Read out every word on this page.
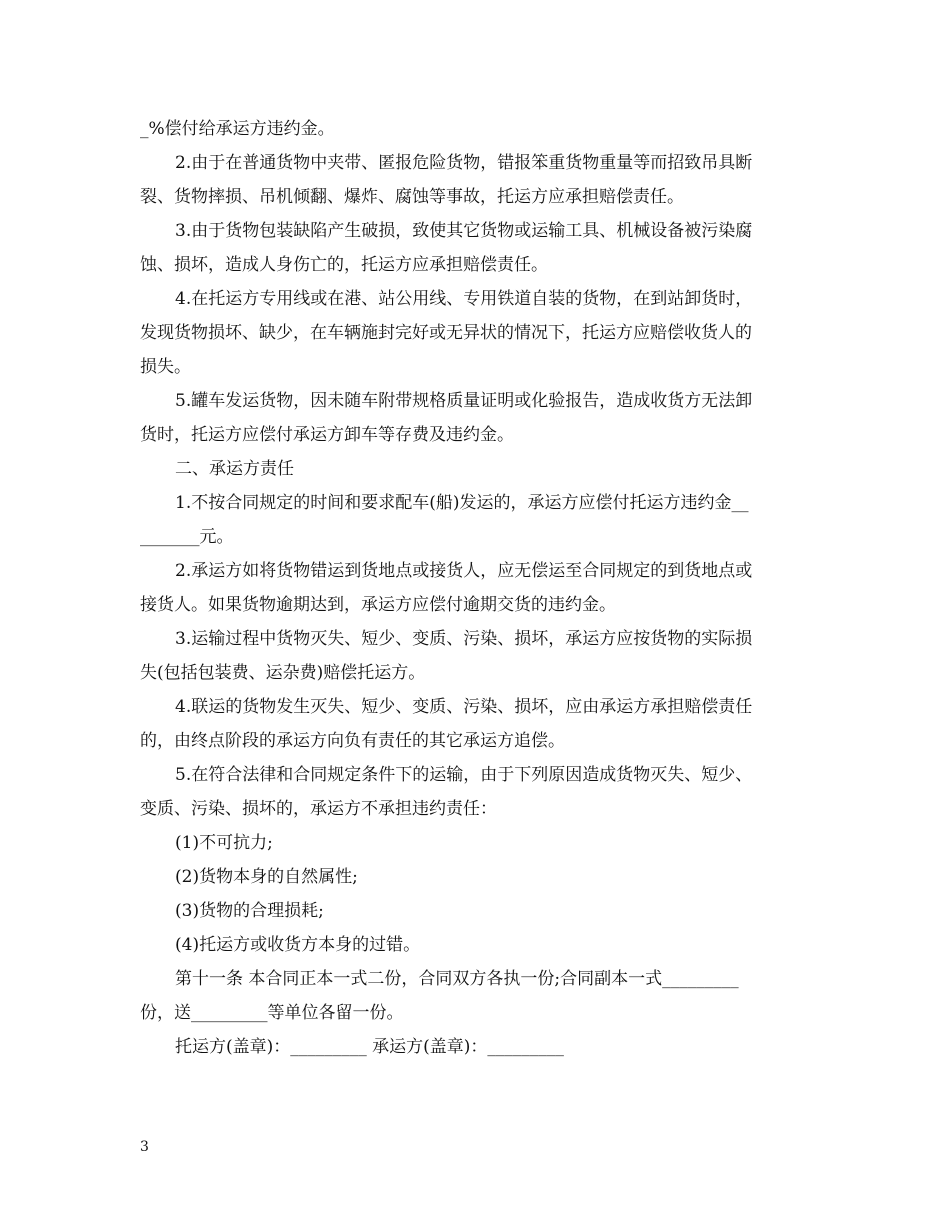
_%偿付给承运方违约金。
2.由于在普通货物中夹带、匿报危险货物，错报笨重货物重量等而招致吊具断
裂、货物摔损、吊机倾翻、爆炸、腐蚀等事故，托运方应承担赔偿责任。
3.由于货物包装缺陷产生破损，致使其它货物或运输工具、机械设备被污染腐
蚀、损坏，造成人身伤亡的，托运方应承担赔偿责任。
4.在托运方专用线或在港、站公用线、专用铁道自装的货物，在到站卸货时，
发现货物损坏、缺少，在车辆施封完好或无异状的情况下，托运方应赔偿收货人的
损失。
5.罐车发运货物，因未随车附带规格质量证明或化验报告，造成收货方无法卸
货时，托运方应偿付承运方卸车等存费及违约金。
二、承运方责任
1.不按合同规定的时间和要求配车(船)发运的，承运方应偿付托运方违约金__
_______元。
2.承运方如将货物错运到货地点或接货人，应无偿运至合同规定的到货地点或
接货人。如果货物逾期达到，承运方应偿付逾期交货的违约金。
3.运输过程中货物灭失、短少、变质、污染、损坏，承运方应按货物的实际损
失(包括包装费、运杂费)赔偿托运方。
4.联运的货物发生灭失、短少、变质、污染、损坏，应由承运方承担赔偿责任
的，由终点阶段的承运方向负有责任的其它承运方追偿。
5.在符合法律和合同规定条件下的运输，由于下列原因造成货物灭失、短少、
变质、污染、损坏的，承运方不承担违约责任：
(1)不可抗力;
(2)货物本身的自然属性;
(3)货物的合理损耗;
(4)托运方或收货方本身的过错。
第十一条 本合同正本一式二份，合同双方各执一份;合同副本一式_________
份，送_________等单位各留一份。
托运方(盖章)：_________ 承运方(盖章)：_________
3
